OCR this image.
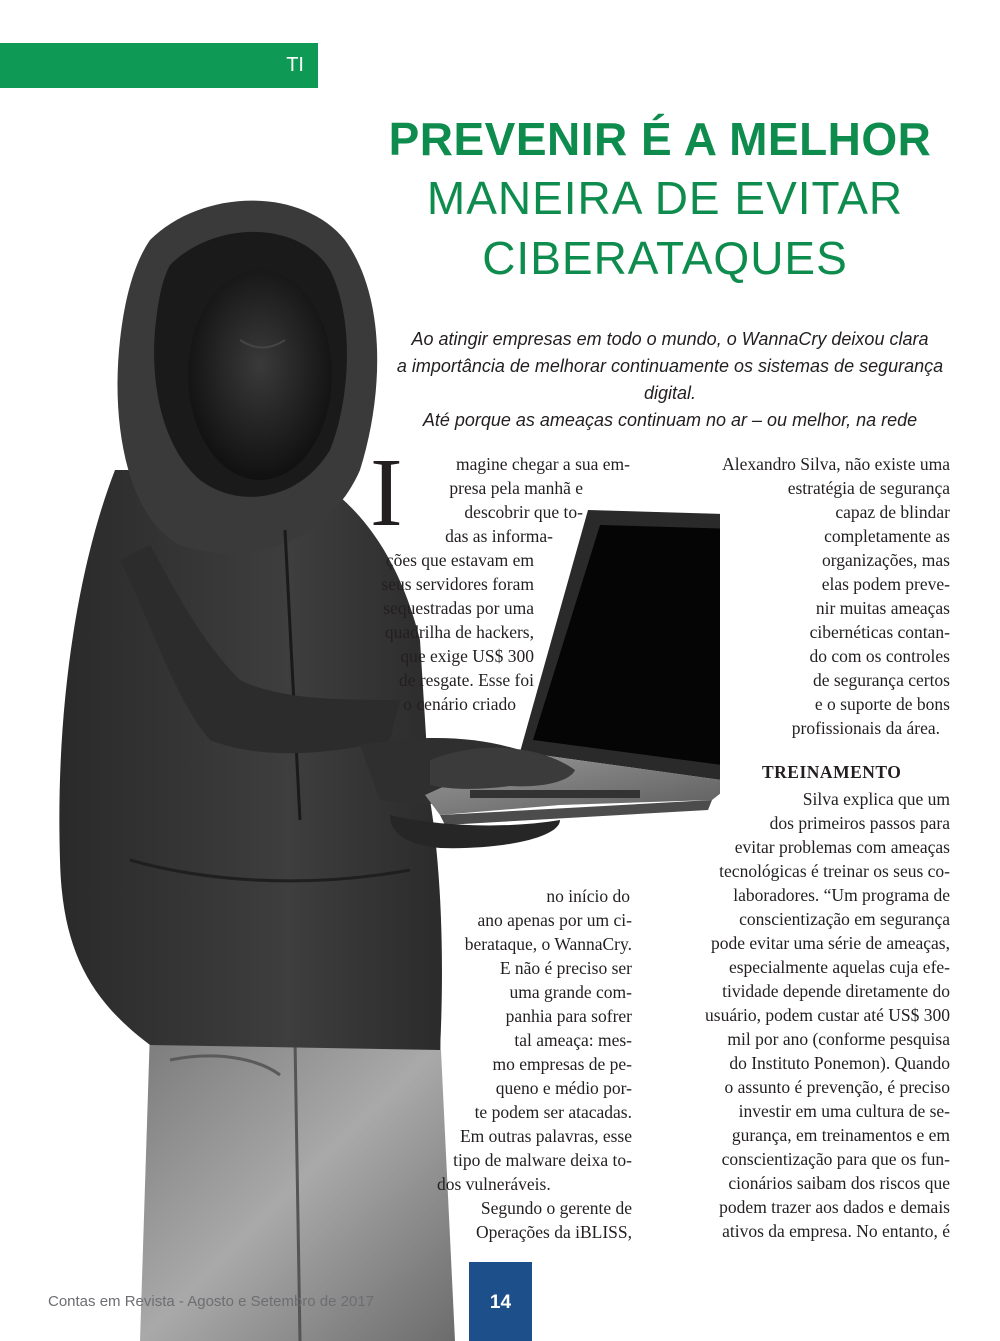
TI
PREVENIR É A MELHOR
MANEIRA DE EVITAR
CIBERATAQUES
Ao atingir empresas em todo o mundo, o WannaCry deixou clara
a importância de melhorar continuamente os sistemas de segurança digital.
Até porque as ameaças continuam no ar – ou melhor, na rede
I	magine chegar a sua em-
presa pela manhã e
descobrir que to-
das as informa-
ções que estavam em
seus servidores foram
sequestradas por uma
quadrilha de hackers,
que exige US$ 300
de resgate. Esse foi
o cenário criado
no início do
ano apenas por um ci-
berataque, o WannaCry.
E não é preciso ser
uma grande com-
panhia para sofrer
tal ameaça: mes-
mo empresas de pe-
queno e médio por-
te podem ser atacadas.
Em outras palavras, esse
tipo de malware deixa to-
dos vulneráveis.
Segundo o gerente de
Operações da iBLISS,
Alexandro Silva, não existe uma
estratégia de segurança
capaz de blindar
completamente as
organizações, mas
elas podem preve-
nir muitas ameaças
cibernéticas contan-
do com os controles
de segurança certos
e o suporte de bons
profissionais da área.
TREINAMENTO
Silva explica que um
dos primeiros passos para
evitar problemas com ameaças
tecnológicas é treinar os seus co-
laboradores. “Um programa de
conscientização em segurança
pode evitar uma série de ameaças,
especialmente aquelas cuja efe-
tividade depende diretamente do
usuário, podem custar até US$ 300
mil por ano (conforme pesquisa
do Instituto Ponemon). Quando
o assunto é prevenção, é preciso
investir em uma cultura de se-
gurança, em treinamentos e em
conscientização para que os fun-
cionários saibam dos riscos que
podem trazer aos dados e demais
ativos da empresa. No entanto, é
Contas em Revista - Agosto e Setembro de 2017	14
